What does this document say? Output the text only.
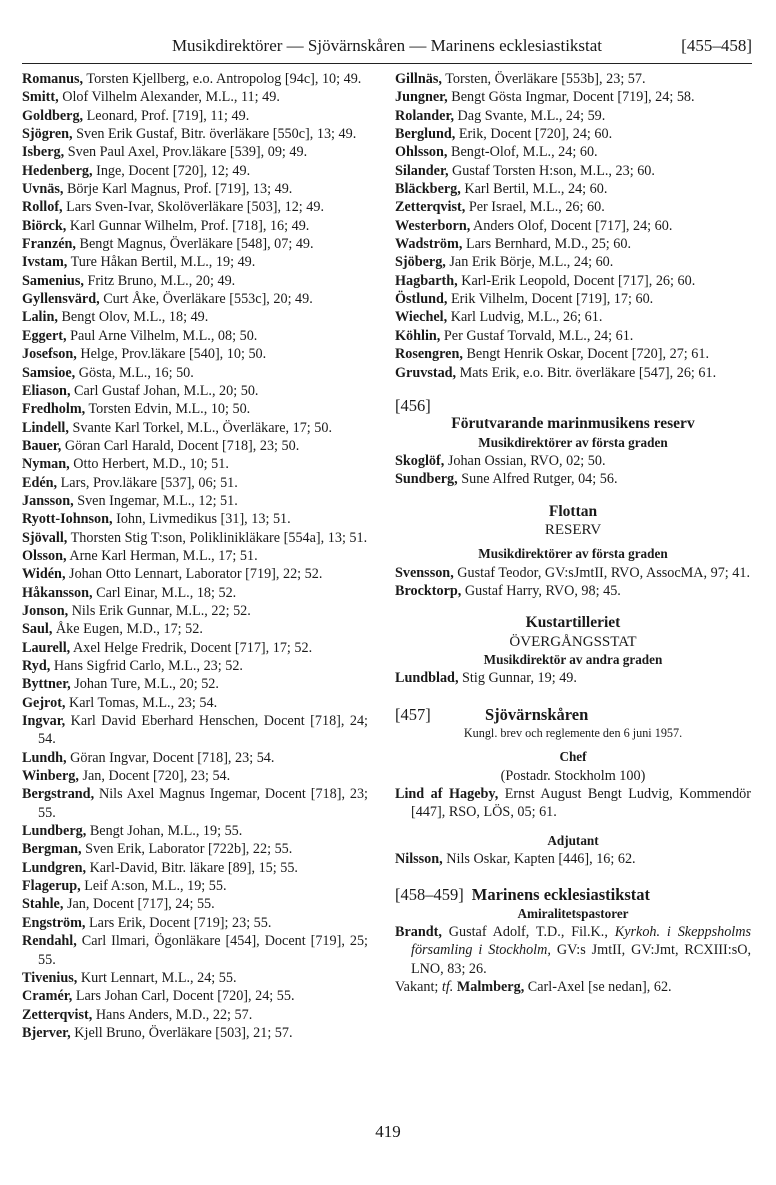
Musikdirektörer — Sjövärnskåren — Marinens ecklesiastikstat	[455–458]

Romanus, Torsten Kjellberg, e.o. Antropolog [94c], 10; 49.

Smitt, Olof Vilhelm Alexander, M.L., 11; 49.

Goldberg, Leonard, Prof. [719], 11; 49.

Sjögren, Sven Erik Gustaf, Bitr. överläkare [550c], 13; 49.

Isberg, Sven Paul Axel, Prov.läkare [539], 09; 49.

Hedenberg, Inge, Docent [720], 12; 49.

Uvnäs, Börje Karl Magnus, Prof. [719], 13; 49.

Rollof, Lars Sven-Ivar, Skolöverläkare [503], 12; 49.

Biörck, Karl Gunnar Wilhelm, Prof. [718], 16; 49.

Franzén, Bengt Magnus, Överläkare [548], 07; 49.

Ivstam, Ture Håkan Bertil, M.L., 19; 49.

Samenius, Fritz Bruno, M.L., 20; 49.

Gyllensvärd, Curt Åke, Överläkare [553c], 20; 49.

Lalin, Bengt Olov, M.L., 18; 49.

Eggert, Paul Arne Vilhelm, M.L., 08; 50.

Josefson, Helge, Prov.läkare [540], 10; 50.

Samsioe, Gösta, M.L., 16; 50.

Eliason, Carl Gustaf Johan, M.L., 20; 50.

Fredholm, Torsten Edvin, M.L., 10; 50.

Lindell, Svante Karl Torkel, M.L., Överläkare, 17; 50.

Bauer, Göran Carl Harald, Docent [718], 23; 50.

Nyman, Otto Herbert, M.D., 10; 51.

Edén, Lars, Prov.läkare [537], 06; 51.

Jansson, Sven Ingemar, M.L., 12; 51.

Ryott-Iohnson, Iohn, Livmedikus [31], 13; 51.

Sjövall, Thorsten Stig T:son, Poliklinikläkare [554a], 13; 51.

Olsson, Arne Karl Herman, M.L., 17; 51.

Widén, Johan Otto Lennart, Laborator [719], 22; 52.

Håkansson, Carl Einar, M.L., 18; 52.

Jonson, Nils Erik Gunnar, M.L., 22; 52.

Saul, Åke Eugen, M.D., 17; 52.

Laurell, Axel Helge Fredrik, Docent [717], 17; 52.

Ryd, Hans Sigfrid Carlo, M.L., 23; 52.

Byttner, Johan Ture, M.L., 20; 52.

Gejrot, Karl Tomas, M.L., 23; 54.

Ingvar, Karl David Eberhard Henschen, Docent [718], 24; 54.

Lundh, Göran Ingvar, Docent [718], 23; 54.

Winberg, Jan, Docent [720], 23; 54.

Bergstrand, Nils Axel Magnus Ingemar, Docent [718], 23; 55.

Lundberg, Bengt Johan, M.L., 19; 55.

Bergman, Sven Erik, Laborator [722b], 22; 55.

Lundgren, Karl-David, Bitr. läkare [89], 15; 55.

Flagerup, Leif A:son, M.L., 19; 55.

Stahle, Jan, Docent [717], 24; 55.

Engström, Lars Erik, Docent [719]; 23; 55.

Rendahl, Carl Ilmari, Ögonläkare [454], Docent [719], 25; 55.

Tivenius, Kurt Lennart, M.L., 24; 55.

Cramér, Lars Johan Carl, Docent [720], 24; 55.

Zetterqvist, Hans Anders, M.D., 22; 57.

Bjerver, Kjell Bruno, Överläkare [503], 21; 57.

Gillnäs, Torsten, Överläkare [553b], 23; 57.

Jungner, Bengt Gösta Ingmar, Docent [719], 24; 58.

Rolander, Dag Svante, M.L., 24; 59.

Berglund, Erik, Docent [720], 24; 60.

Ohlsson, Bengt-Olof, M.L., 24; 60.

Silander, Gustaf Torsten H:son, M.L., 23; 60.

Bläckberg, Karl Bertil, M.L., 24; 60.

Zetterqvist, Per Israel, M.L., 26; 60.

Westerborn, Anders Olof, Docent [717], 24; 60.

Wadström, Lars Bernhard, M.D., 25; 60.

Sjöberg, Jan Erik Börje, M.L., 24; 60.

Hagbarth, Karl-Erik Leopold, Docent [717], 26; 60.

Östlund, Erik Vilhelm, Docent [719], 17; 60.

Wiechel, Karl Ludvig, M.L., 26; 61.

Köhlin, Per Gustaf Torvald, M.L., 24; 61.

Rosengren, Bengt Henrik Oskar, Docent [720], 27; 61.

Gruvstad, Mats Erik, e.o. Bitr. överläkare [547], 26; 61.

[456]
Förutvarande marinmusikens reserv
Musikdirektörer av första graden

Skoglöf, Johan Ossian, RVO, 02; 50.

Sundberg, Sune Alfred Rutger, 04; 56.

Flottan
RESERV
Musikdirektörer av första graden

Svensson, Gustaf Teodor, GV:sJmtII, RVO, AssocMA, 97; 41.

Brocktorp, Gustaf Harry, RVO, 98; 45.

Kustartilleriet
ÖVERGÅNGSSTAT
Musikdirektör av andra graden

Lundblad, Stig Gunnar, 19; 49.

[457]	Sjövärnskåren
Kungl. brev och reglemente den 6 juni 1957.
Chef
(Postadr. Stockholm 100)

Lind af Hageby, Ernst August Bengt Ludvig, Kommendör [447], RSO, LÖS, 05; 61.

Adjutant

Nilsson, Nils Oskar, Kapten [446], 16; 62.

[458–459] Marinens ecklesiastikstat
Amiralitetspastorer

Brandt, Gustaf Adolf, T.D., Fil.K., Kyrkoh. i Skeppsholms församling i Stockholm, GV:s JmtII, GV:Jmt, RCXIII:sO, LNO, 83; 26.

Vakant; tf. Malmberg, Carl-Axel [se nedan], 62.

419
